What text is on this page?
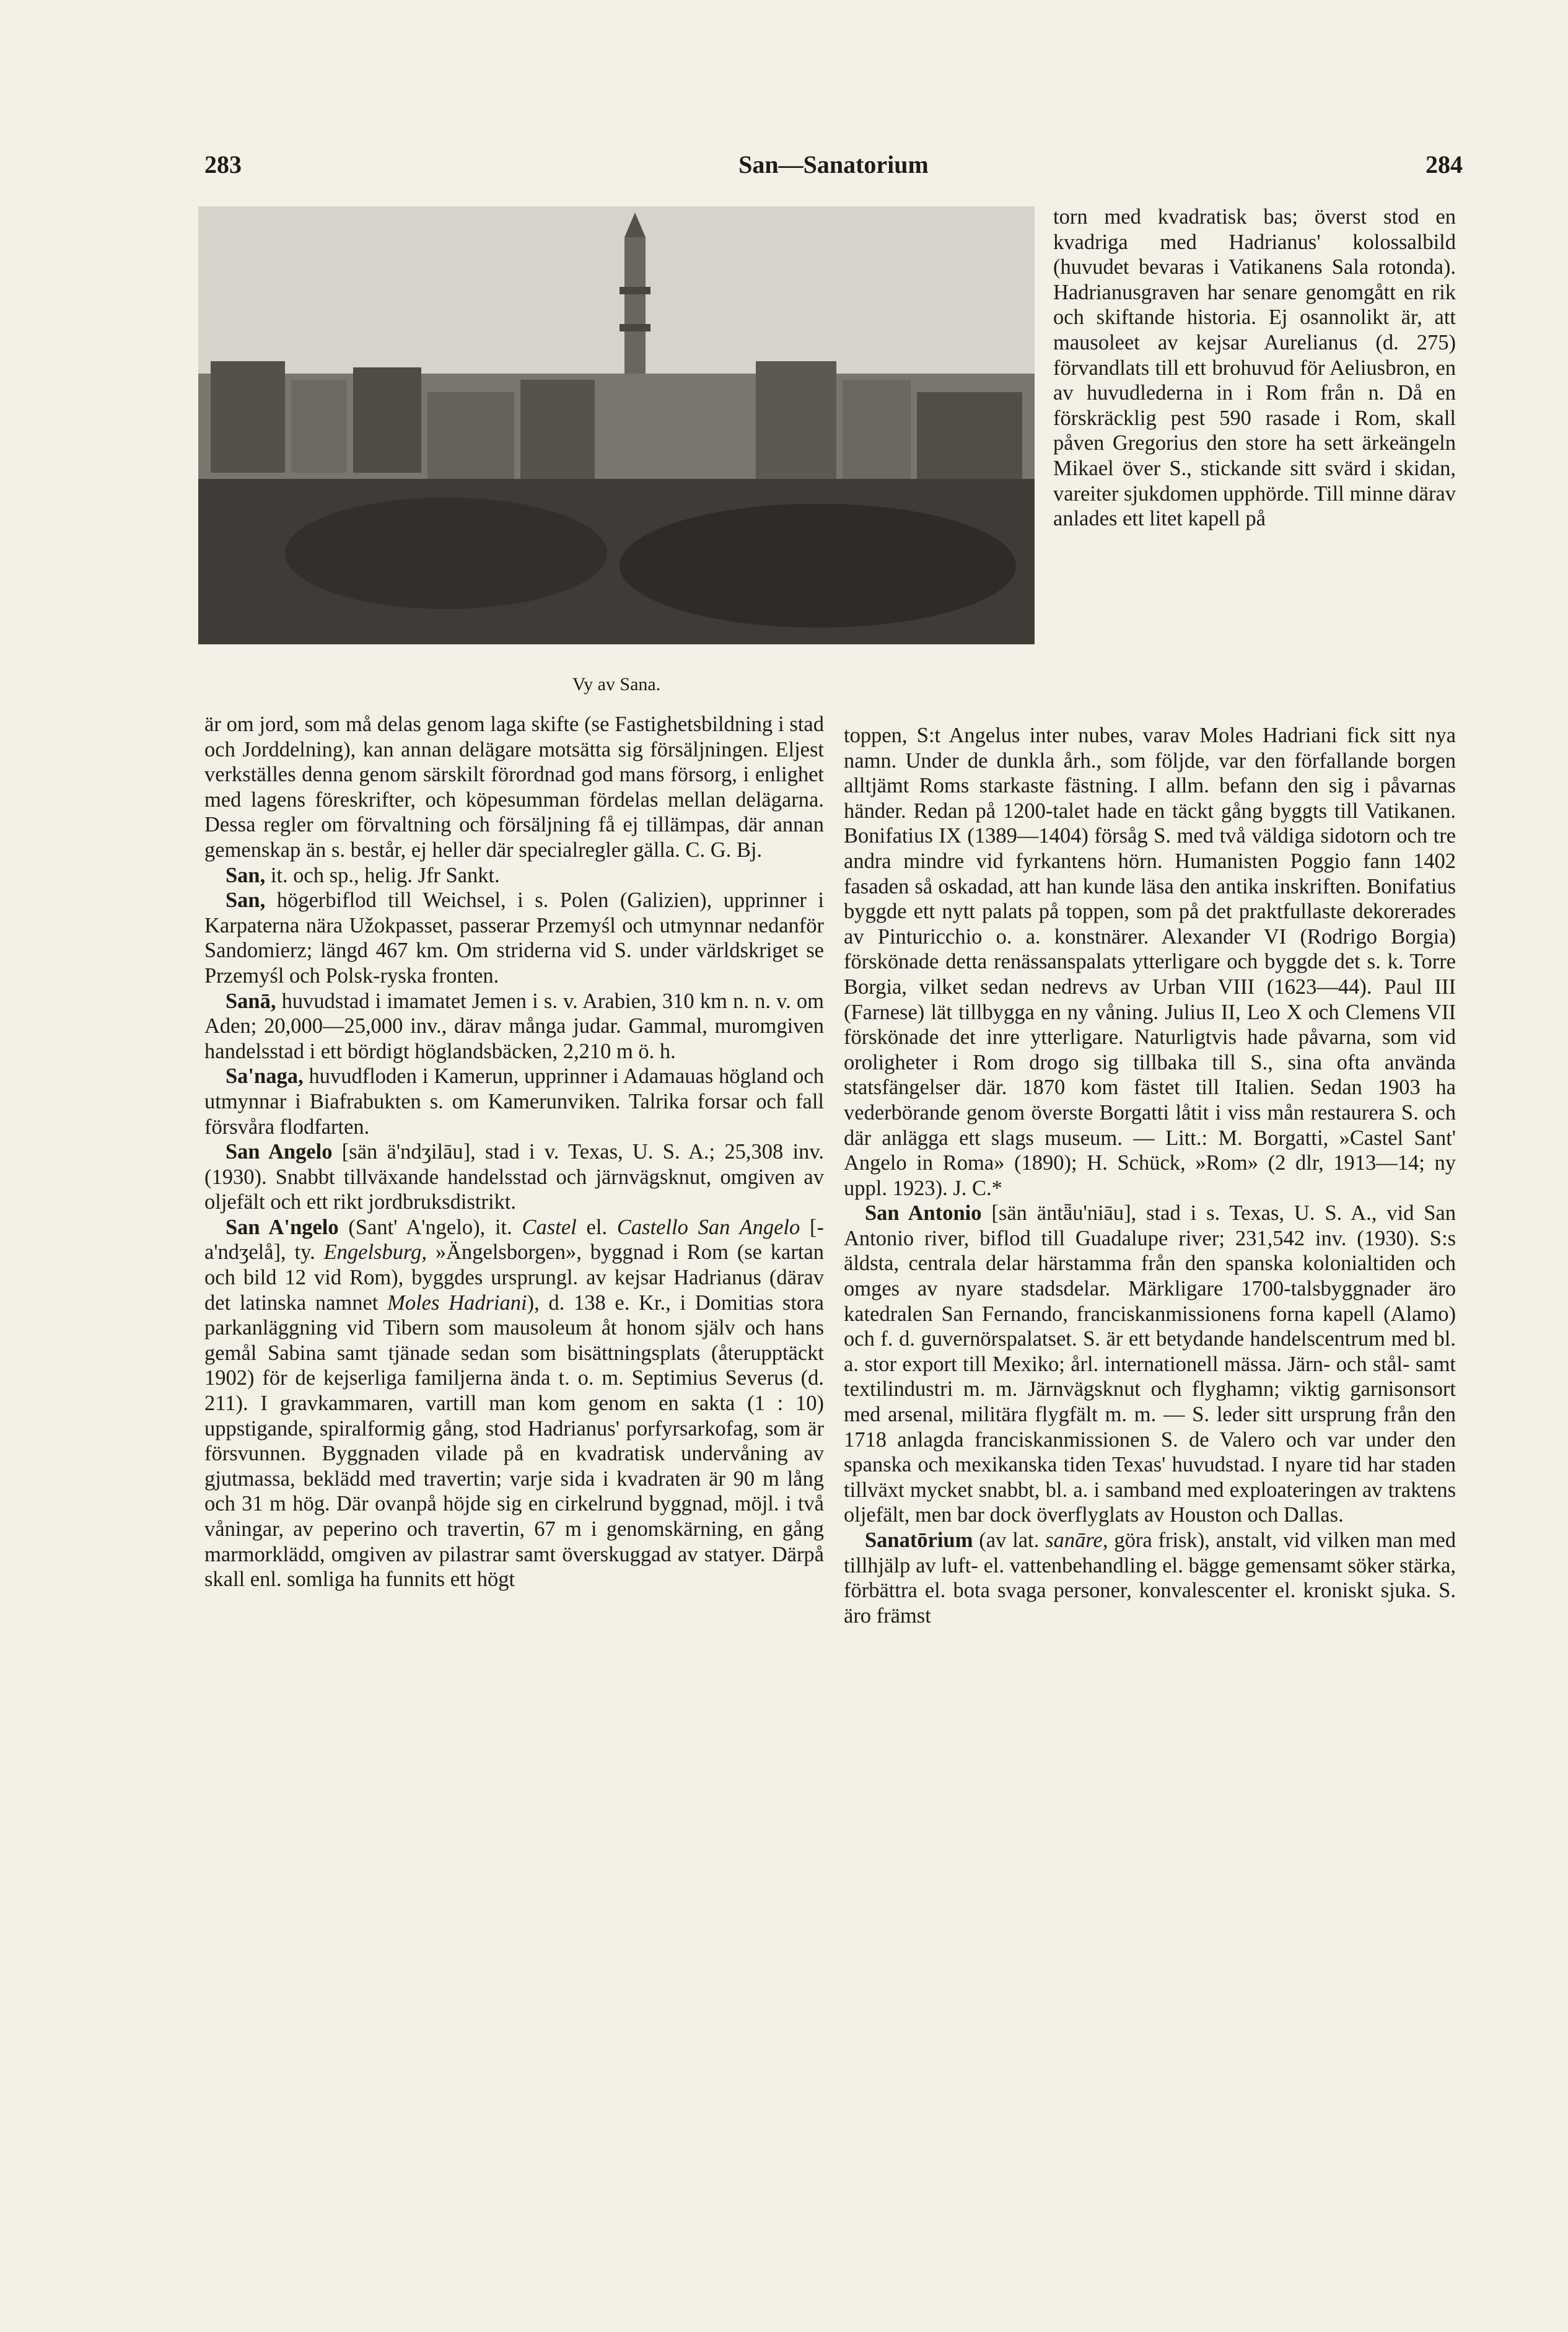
283	San—Sanatorium	284
Vy av Sana.

torn med kvadratisk bas; överst stod en kvadriga med Hadrianus' kolossalbild (huvudet bevaras i Vatikanens Sala rotonda). Hadrianusgraven har senare genomgått en rik och skiftande historia. Ej osannolikt är, att mausoleet av kejsar Aurelianus (d. 275) förvandlats till ett brohuvud för Aeliusbron, en av huvudlederna in i Rom från n. Då en förskräcklig pest 590 rasade i Rom, skall påven Gregorius den store ha sett ärkeängeln Mikael över S., stickande sitt svärd i skidan, vareiter sjukdomen upphörde. Till minne därav anlades ett litet kapell på

är om jord, som må delas genom laga skifte (se Fastighetsbildning i stad och Jorddelning), kan annan delägare motsätta sig försäljningen. Eljest verkställes denna genom särskilt förordnad god mans försorg, i enlighet med lagens föreskrifter, och köpesumman fördelas mellan delägarna. Dessa regler om förvaltning och försäljning få ej tillämpas, där annan gemenskap än s. består, ej heller där specialregler gälla. C. G. Bj.

San, it. och sp., helig. Jfr Sankt.

San, högerbiflod till Weichsel, i s. Polen (Galizien), upprinner i Karpaterna nära Užokpasset, passerar Przemyśl och utmynnar nedanför Sandomierz; längd 467 km. Om striderna vid S. under världskriget se Przemyśl och Polsk-ryska fronten.

Sanā, huvudstad i imamatet Jemen i s. v. Arabien, 310 km n. n. v. om Aden; 20,000—25,000 inv., därav många judar. Gammal, muromgiven handelsstad i ett bördigt höglandsbäcken, 2,210 m ö. h.

Sa'naga, huvudfloden i Kamerun, upprinner i Adamauas högland och utmynnar i Biafrabukten s. om Kamerunviken. Talrika forsar och fall försvåra flodfarten.

San Angelo [sän ä'ndʒilāu], stad i v. Texas, U. S. A.; 25,308 inv. (1930). Snabbt tillväxande handelsstad och järnvägsknut, omgiven av oljefält och ett rikt jordbruksdistrikt.

San A'ngelo (Sant' A'ngelo), it. Castel el. Castello San Angelo [-a'ndʒelå], ty. Engelsburg, »Ängelsborgen», byggnad i Rom (se kartan och bild 12 vid Rom), byggdes ursprungl. av kejsar Hadrianus (därav det latinska namnet Moles Hadriani), d. 138 e. Kr., i Domitias stora parkanläggning vid Tibern som mausoleum åt honom själv och hans gemål Sabina samt tjänade sedan som bisättningsplats (återupptäckt 1902) för de kejserliga familjerna ända t. o. m. Septimius Severus (d. 211). I gravkammaren, vartill man kom genom en sakta (1 : 10) uppstigande, spiralformig gång, stod Hadrianus' porfyrsarkofag, som är försvunnen. Byggnaden vilade på en kvadratisk undervåning av gjutmassa, beklädd med travertin; varje sida i kvadraten är 90 m lång och 31 m hög. Där ovanpå höjde sig en cirkelrund byggnad, möjl. i två våningar, av peperino och travertin, 67 m i genomskärning, en gång marmorklädd, omgiven av pilastrar samt överskuggad av statyer. Därpå skall enl. somliga ha funnits ett högt

toppen, S:t Angelus inter nubes, varav Moles Hadriani fick sitt nya namn. Under de dunkla årh., som följde, var den förfallande borgen alltjämt Roms starkaste fästning. I allm. befann den sig i påvarnas händer. Redan på 1200-talet hade en täckt gång byggts till Vatikanen. Bonifatius IX (1389—1404) försåg S. med två väldiga sidotorn och tre andra mindre vid fyrkantens hörn. Humanisten Poggio fann 1402 fasaden så oskadad, att han kunde läsa den antika inskriften. Bonifatius byggde ett nytt palats på toppen, som på det praktfullaste dekorerades av Pinturicchio o. a. konstnärer. Alexander VI (Rodrigo Borgia) förskönade detta renässanspalats ytterligare och byggde det s. k. Torre Borgia, vilket sedan nedrevs av Urban VIII (1623—44). Paul III (Farnese) lät tillbygga en ny våning. Julius II, Leo X och Clemens VII förskönade det inre ytterligare. Naturligtvis hade påvarna, som vid oroligheter i Rom drogo sig tillbaka till S., sina ofta använda statsfängelser där. 1870 kom fästet till Italien. Sedan 1903 ha vederbörande genom överste Borgatti låtit i viss mån restaurera S. och där anlägga ett slags museum. — Litt.: M. Borgatti, »Castel Sant' Angelo in Roma» (1890); H. Schück, »Rom» (2 dlr, 1913—14; ny uppl. 1923). J. C.*

San Antonio [sän äntǟu'niāu], stad i s. Texas, U. S. A., vid San Antonio river, biflod till Guadalupe river; 231,542 inv. (1930). S:s äldsta, centrala delar härstamma från den spanska kolonialtiden och omges av nyare stadsdelar. Märkligare 1700-talsbyggnader äro katedralen San Fernando, franciskanmissionens forna kapell (Alamo) och f. d. guvernörspalatset. S. är ett betydande handelscentrum med bl. a. stor export till Mexiko; årl. internationell mässa. Järn- och stål- samt textilindustri m. m. Järnvägsknut och flyghamn; viktig garnisonsort med arsenal, militära flygfält m. m. — S. leder sitt ursprung från den 1718 anlagda franciskanmissionen S. de Valero och var under den spanska och mexikanska tiden Texas' huvudstad. I nyare tid har staden tillväxt mycket snabbt, bl. a. i samband med exploateringen av traktens oljefält, men bar dock överflyglats av Houston och Dallas.

Sanatōrium (av lat. sanāre, göra frisk), anstalt, vid vilken man med tillhjälp av luft- el. vattenbehandling el. bägge gemensamt söker stärka, förbättra el. bota svaga personer, konvalescenter el. kroniskt sjuka. S. äro främst
